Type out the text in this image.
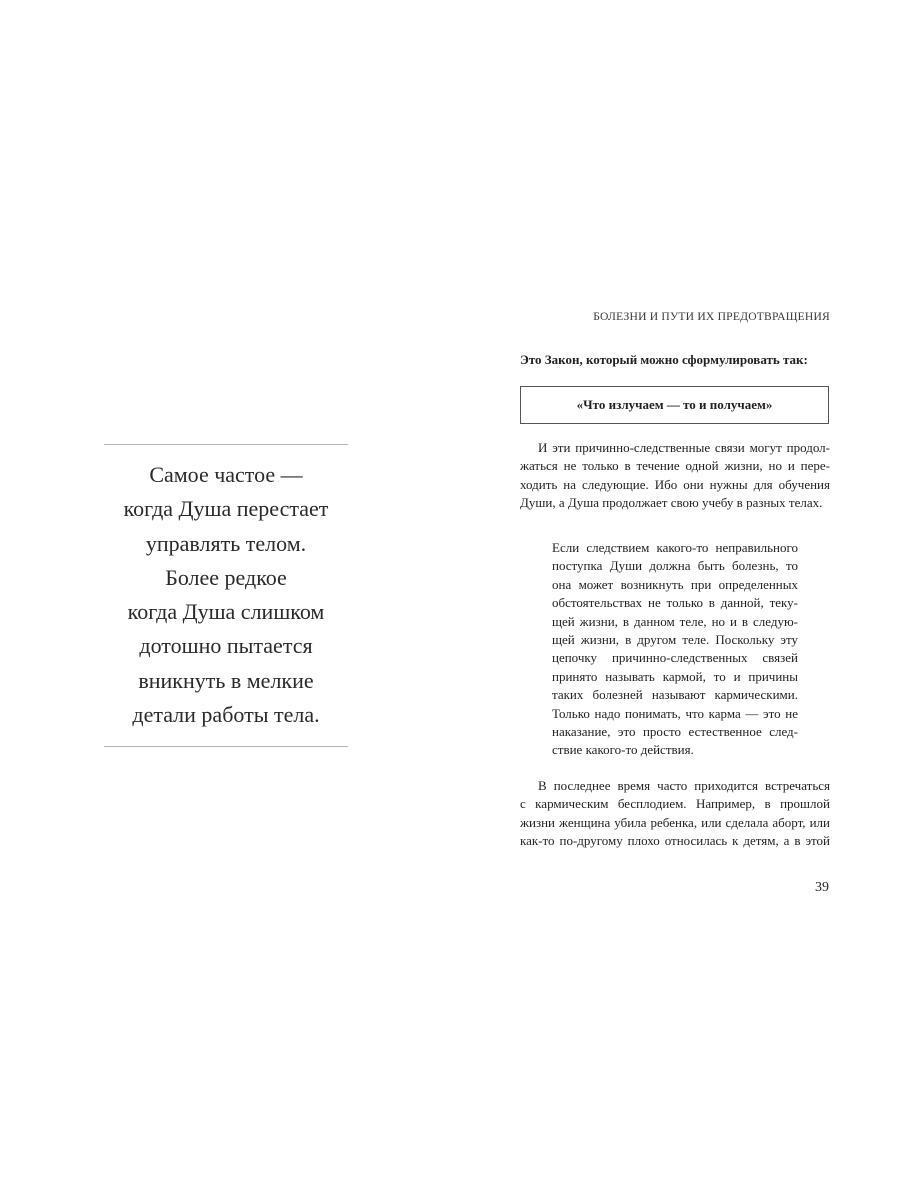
Самое частое —
когда Душа перестает
управлять телом.
Более редкое
когда Душа слишком
дотошно пытается
вникнуть в мелкие
детали работы тела.
БОЛЕЗНИ И ПУТИ ИХ ПРЕДОТВРАЩЕНИЯ
Это Закон, который можно сформулировать так:
«Что излучаем — то и получаем»
И эти причинно-следственные связи могут продол-
жаться не только в течение одной жизни, но и пере-
ходить на следующие. Ибо они нужны для обучения
Души, а Душа продолжает свою учебу в разных телах.
Если следствием какого-то неправильного
поступка Души должна быть болезнь, то
она может возникнуть при определенных
обстоятельствах не только в данной, теку-
щей жизни, в данном теле, но и в следую-
щей жизни, в другом теле. Поскольку эту
цепочку причинно-следственных связей
принято называть кармой, то и причины
таких болезней называют кармическими.
Только надо понимать, что карма — это не
наказание, это просто естественное след-
ствие какого-то действия.
В последнее время часто приходится встречаться
с кармическим бесплодием. Например, в прошлой
жизни женщина убила ребенка, или сделала аборт, или
как-то по-другому плохо относилась к детям, а в этой
39
